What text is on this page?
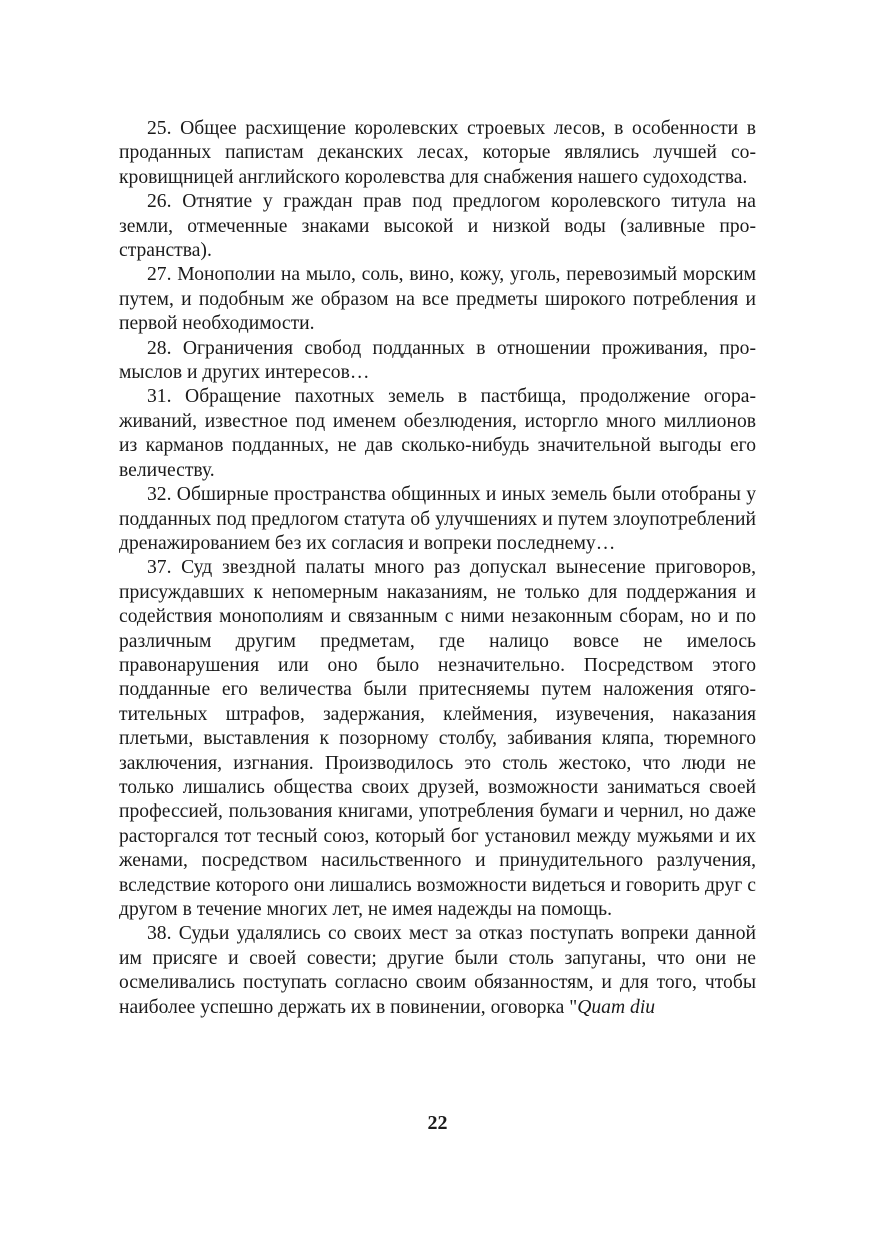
25. Общее расхищение королевских строевых лесов, в особенности в проданных папистам деканских лесах, которые являлись лучшей сокровищницей английского королевства для снабжения нашего судоходства.

26. Отнятие у граждан прав под предлогом королевского титула на земли, отмеченные знаками высокой и низкой воды (заливные пространства).

27. Монополии на мыло, соль, вино, кожу, уголь, перевозимый морским путем, и подобным же образом на все предметы широкого потребления и первой необходимости.

28. Ограничения свобод подданных в отношении проживания, промыслов и других интересов…

31. Обращение пахотных земель в пастбища, продолжение огораживаний, известное под именем обезлюдения, исторгло много миллионов из карманов подданных, не дав сколько-нибудь значительной выгоды его величеству.

32. Обширные пространства общинных и иных земель были отобраны у подданных под предлогом статута об улучшениях и путем злоупотреблений дренажированием без их согласия и вопреки последнему…

37. Суд звездной палаты много раз допускал вынесение приговоров, присуждавших к непомерным наказаниям, не только для поддержания и содействия монополиям и связанным с ними незаконным сборам, но и по различным другим предметам, где налицо вовсе не имелось правонарушения или оно было незначительно. Посредством этого подданные его величества были притесняемы путем наложения отяготительных штрафов, задержания, клеймения, изувечения, наказания плетьми, выставления к позорному столбу, забивания кляпа, тюремного заключения, изгнания. Производилось это столь жестоко, что люди не только лишались общества своих друзей, возможности заниматься своей профессией, пользования книгами, употребления бумаги и чернил, но даже расторгался тот тесный союз, который бог установил между мужьями и их женами, посредством насильственного и принудительного разлучения, вследствие которого они лишались возможности видеться и говорить друг с другом в течение многих лет, не имея надежды на помощь.

38. Судьи удалялись со своих мест за отказ поступать вопреки данной им присяге и своей совести; другие были столь запуганы, что они не осмеливались поступать согласно своим обязанностям, и для того, чтобы наиболее успешно держать их в повинении, оговорка "Quam diu

22
